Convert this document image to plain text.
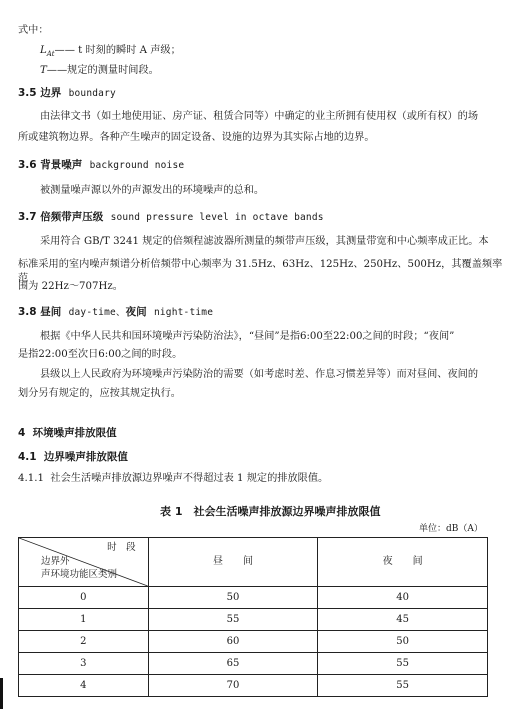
式中：
$L_{At}——$ t 时刻的瞬时 A 声级；
T——规定的测量时间段。
3.5 边界 boundary
由法律文书（如土地使用证、房产证、租赁合同等）中确定的业主所拥有使用权（或所有权）的场
所或建筑物边界。各种产生噪声的固定设备、设施的边界为其实际占地的边界。
3.6 背景噪声 background noise
被测量噪声源以外的声源发出的环境噪声的总和。
3.7 倍频带声压级 sound pressure level in octave bands
采用符合 GB/T 3241 规定的倍频程滤波器所测量的频带声压级，其测量带宽和中心频率成正比。本
标准采用的室内噪声频谱分析倍频带中心频率为 31.5Hz、63Hz、125Hz、250Hz、500Hz，其覆盖频率范
围为 22Hz～707Hz。
3.8 昼间 day-time、夜间 night-time
根据《中华人民共和国环境噪声污染防治法》，“昼间”是指6:00至22:00之间的时段；“夜间”
是指22:00至次日6:00之间的时段。
县级以上人民政府为环境噪声污染防治的需要（如考虑时差、作息习惯差异等）而对昼间、夜间的
划分另有规定的，应按其规定执行。
4 环境噪声排放限值
4.1 边界噪声排放限值
4.1.1 社会生活噪声排放源边界噪声不得超过表 1 规定的排放限值。
表 1　社会生活噪声排放源边界噪声排放限值
单位：dB（A）
时　段
边界外
声环境功能区类别	昼　　间	夜　　间
0	50	40
1	55	45
2	60	50
3	65	55
4	70	55
